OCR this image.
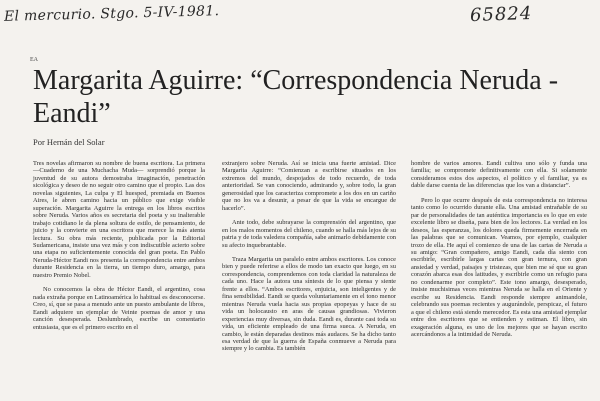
El mercurio. Stgo. 5-IV-1981.	65824
EA
Margarita Aguirre: “Correspondencia Neruda - Eandi”
Por Hernán del Solar

Tres novelas afirmaron su nombre de buena escritora. La primera —Cuaderno de una Muchacha Muda— sorprendió porque la juventud de su autora demostraba imaginación, penetración sicológica y deseo de no seguir otro camino que el propio. Las dos novelas siguientes, La culpa y El huesped, premiada en Buenos Aires, le abren camino hacia un público que exige visible superación. Margarita Aguirre la entrega en los libros escritos sobre Neruda. Varios años es secretaria del poeta y su inalterable trabajo cotidiano le da plena soltura de estilo, de pensamiento, de juicio y la convierte en una escritora que merece la más atenta lectura. Su obra más reciente, publicada por la Editorial Sudamericana, insiste una vez más y con indiscutible acierto sobre una etapa no suficientemente conocida del gran poeta. En Pablo Neruda-Héctor Eandi nos presenta la correspondencia entre ambos durante Residencia en la tierra, un tiempo duro, amargo, para nuestro Premio Nobel.

No conocemos la obra de Héctor Eandi, el argentino, cosa nada extraña porque en Latinoamérica lo habitual es desconocerse. Creo, sí, que se pasa a menudo ante un puesto ambulante de libros, Eandi adquiere un ejemplar de Veinte poemas de amor y una canción desesperada. Deslumbrado, escribe un comentario entusiasta, que es el primero escrito en el

extranjero sobre Neruda. Así se inicia una fuerte amistad. Dice Margarita Aguirre: “Comienzan a escribirse situados en los extremos del mundo, despojados de todo recuerdo, de toda anterioridad. Se van conociendo, admirando y, sobre todo, la gran generosidad que los caracteriza compromete a los dos en un cariño que no los va a desunir, a pesar de que la vida se encargue de hacerlo”.

Ante todo, debe subrayarse la comprensión del argentino, que en los malos momentos del chileno, cuando se halla más lejos de su patria y de toda valedera compañía, sabe animarlo debidamente con su afecto inquebrantable.

Traza Margarita un paralelo entre ambos escritores. Los conoce bien y puede referirse a ellos de modo tan exacto que luego, en su correspondencia, comprendemos con toda claridad la naturaleza de cada uno. Hace la autora una síntesis de lo que piensa y siente frente a ellos. “Ambos escritores, enjuicia, son inteligentes y de fina sensibilidad. Eandi se queda voluntariamente en el tono menor mientras Neruda vuela hacia sus propias epopeyas y hace de su vida un holocausto en aras de causas grandiosas. Vivieron experiencias muy diversas, sin duda. Eandi es, durante casi toda su vida, un eficiente empleado de una firma sueca. A Neruda, en cambio, le están deparadas destinos más audaces. Se ha dicho tanto esa verdad de que la guerra de España conmueve a Neruda para siempre y lo cambia. Es también

hombre de varios amores. Eandi cultiva uno sólo y funda una familia; se compromete definitivamente con ella. Si solamente consideramos estos dos aspectos, el político y el familiar, ya es dable darse cuenta de las diferencias que los van a distanciar”.

Pero lo que ocurre después de esta correspondencia no interesa tanto como lo ocurrido durante ella. Una amistad entrañable de su par de personalidades de tan auténtica importancia es lo que en este excelente libro se diseña, para bien de los lectores. La verdad en los deseos, las esperanzas, los dolores queda firmemente encerrada en las palabras que se comunican. Veamos, por ejemplo, cualquier trozo de ella. He aquí el comienzo de una de las cartas de Neruda a su amigo: “Gran compañero, amigo Eandi, cada día siento con escribirle, escribirle largas cartas con gran ternura, con gran ansiedad y verdad, paisajes y tristezas, que bien me sé que su gran corazón abarca esas dos latitudes, y escribirle como un refugio para no condenarme por completo”. Este tono amargo, desesperado, insiste muchisimas veces mientras Neruda se halla en el Oriente y escribe su Residencia. Eandi responde siempre animandole, celebrando sus poemas recientes y augurándole, perspicaz, el futuro a que el chileno está siendo merecedor. Es esta una amistad ejemplar entre dos escritores que se entienden y estiman. El libro, sin exageración alguna, es uno de los mejores que se hayan escrito acercándonos a la intimidad de Neruda.
